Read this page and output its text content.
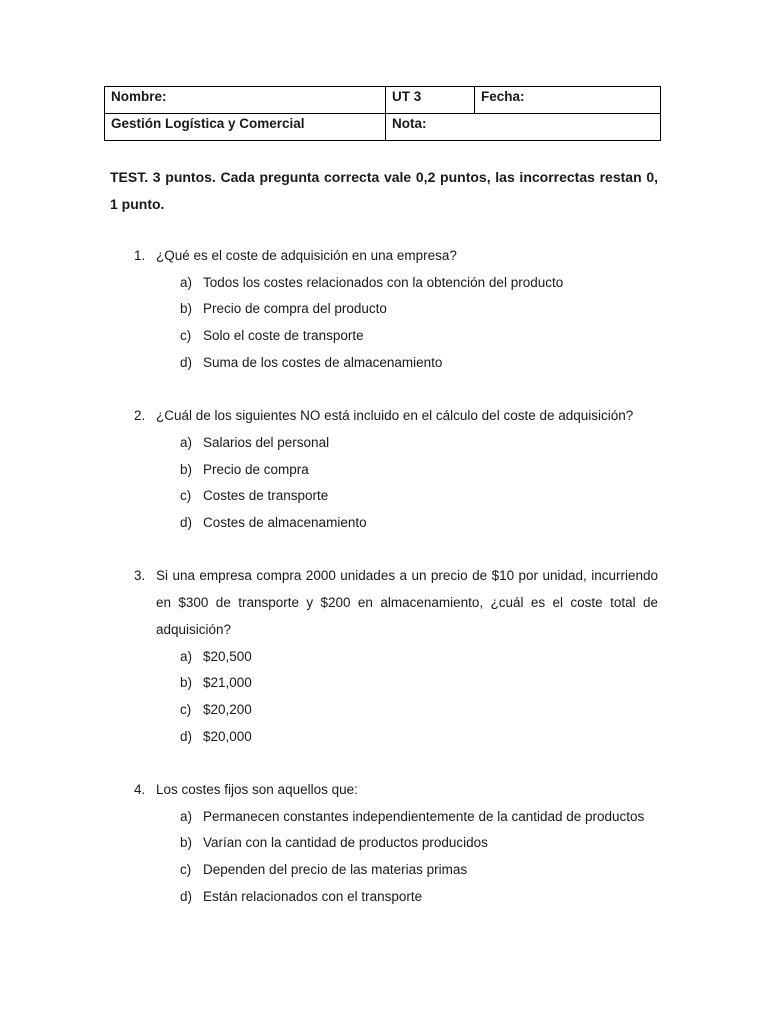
Nombre:	UT 3	Fecha:
Gestión Logística y Comercial	Nota:	
TEST. 3 puntos. Cada pregunta correcta vale 0,2 puntos, las incorrectas restan 0, 1 punto.
1. ¿Qué es el coste de adquisición en una empresa?
a) Todos los costes relacionados con la obtención del producto
b) Precio de compra del producto
c) Solo el coste de transporte
d) Suma de los costes de almacenamiento
2. ¿Cuál de los siguientes NO está incluido en el cálculo del coste de adquisición?
a) Salarios del personal
b) Precio de compra
c) Costes de transporte
d) Costes de almacenamiento
3. Si una empresa compra 2000 unidades a un precio de $10 por unidad, incurriendo en $300 de transporte y $200 en almacenamiento, ¿cuál es el coste total de adquisición?
a) $20,500
b) $21,000
c) $20,200
d) $20,000
4. Los costes fijos son aquellos que:
a) Permanecen constantes independientemente de la cantidad de productos
b) Varían con la cantidad de productos producidos
c) Dependen del precio de las materias primas
d) Están relacionados con el transporte
